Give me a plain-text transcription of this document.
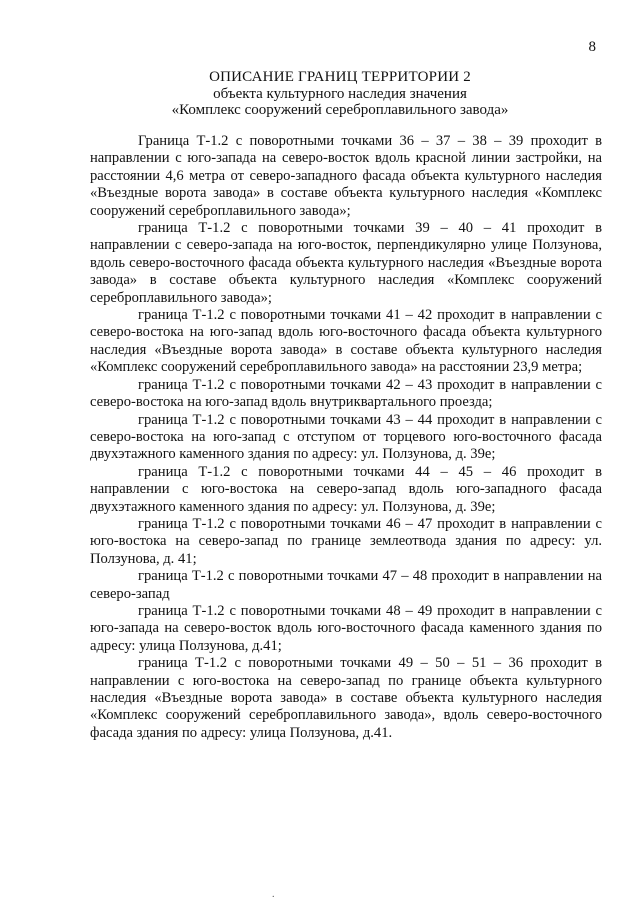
8
ОПИСАНИЕ ГРАНИЦ ТЕРРИТОРИИ 2
объекта культурного наследия значения
«Комплекс сооружений сереброплавильного завода»

Граница Т-1.2 с поворотными точками 36 – 37 – 38 – 39 проходит в направлении с юго-запада на северо-восток вдоль красной линии застройки, на расстоянии 4,6 метра от северо-западного фасада объекта культурного наследия «Въездные ворота завода» в составе объекта культурного наследия «Комплекс сооружений сереброплавильного завода»;

граница Т-1.2 с поворотными точками 39 – 40 – 41 проходит в направлении с северо-запада на юго-восток, перпендикулярно улице Ползунова, вдоль северо-восточного фасада объекта культурного наследия «Въездные ворота завода» в составе объекта культурного наследия «Комплекс сооружений сереброплавильного завода»;

граница Т-1.2 с поворотными точками 41 – 42 проходит в направлении с северо-востока на юго-запад вдоль юго-восточного фасада объекта культурного наследия «Въездные ворота завода» в составе объекта культурного наследия «Комплекс сооружений сереброплавильного завода» на расстоянии 23,9 метра;

граница Т-1.2 с поворотными точками 42 – 43 проходит в направлении с северо-востока на юго-запад вдоль внутриквартального проезда;

граница Т-1.2 с поворотными точками 43 – 44 проходит в направлении с северо-востока на юго-запад с отступом от торцевого юго-восточного фасада двухэтажного каменного здания по адресу: ул. Ползунова, д. 39е;

граница Т-1.2 с поворотными точками 44 – 45 – 46 проходит в направлении с юго-востока на северо-запад вдоль юго-западного фасада двухэтажного каменного здания по адресу: ул. Ползунова, д. 39е;

граница Т-1.2 с поворотными точками 46 – 47 проходит в направлении с юго-востока на северо-запад по границе землеотвода здания по адресу: ул. Ползунова, д. 41;

граница Т-1.2 с поворотными точками 47 – 48 проходит в направлении на северо-запад

граница Т-1.2 с поворотными точками 48 – 49 проходит в направлении с юго-запада на северо-восток вдоль юго-восточного фасада каменного здания по адресу: улица Ползунова, д.41;

граница Т-1.2 с поворотными точками 49 – 50 – 51 – 36 проходит в направлении с юго-востока на северо-запад по границе объекта культурного наследия «Въездные ворота завода» в составе объекта культурного наследия «Комплекс сооружений сереброплавильного завода», вдоль северо-восточного фасада здания по адресу: улица Ползунова, д.41.

.
